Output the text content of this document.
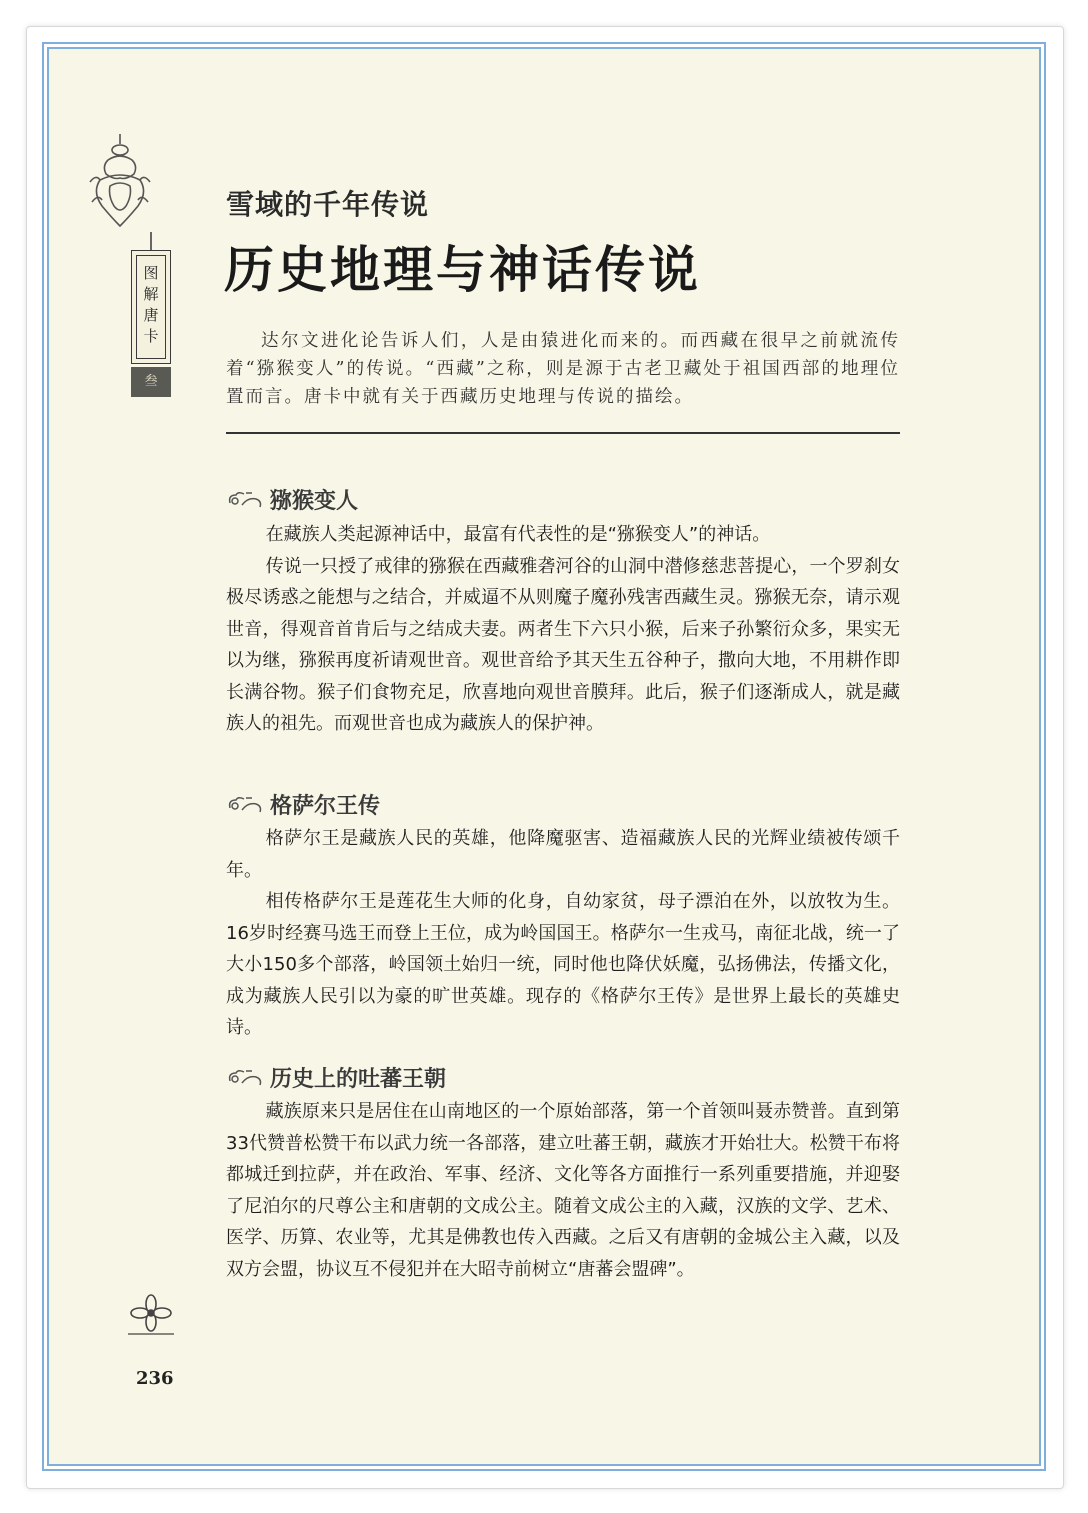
图解唐卡
叁
雪域的千年传说
历史地理与神话传说
达尔文进化论告诉人们，人是由猿进化而来的。而西藏在很早之前就流传着“猕猴变人”的传说。“西藏”之称，则是源于古老卫藏处于祖国西部的地理位置而言。唐卡中就有关于西藏历史地理与传说的描绘。
猕猴变人

在藏族人类起源神话中，最富有代表性的是“猕猴变人”的神话。

传说一只授了戒律的猕猴在西藏雅砻河谷的山洞中潜修慈悲菩提心，一个罗刹女极尽诱惑之能想与之结合，并威逼不从则魔子魔孙残害西藏生灵。猕猴无奈，请示观世音，得观音首肯后与之结成夫妻。两者生下六只小猴，后来子孙繁衍众多，果实无以为继，猕猴再度祈请观世音。观世音给予其天生五谷种子，撒向大地，不用耕作即长满谷物。猴子们食物充足，欣喜地向观世音膜拜。此后，猴子们逐渐成人，就是藏族人的祖先。而观世音也成为藏族人的保护神。

格萨尔王传

格萨尔王是藏族人民的英雄，他降魔驱害、造福藏族人民的光辉业绩被传颂千年。

相传格萨尔王是莲花生大师的化身，自幼家贫，母子漂泊在外，以放牧为生。16岁时经赛马选王而登上王位，成为岭国国王。格萨尔一生戎马，南征北战，统一了大小150多个部落，岭国领土始归一统，同时他也降伏妖魔，弘扬佛法，传播文化，成为藏族人民引以为豪的旷世英雄。现存的《格萨尔王传》是世界上最长的英雄史诗。

历史上的吐蕃王朝

藏族原来只是居住在山南地区的一个原始部落，第一个首领叫聂赤赞普。直到第33代赞普松赞干布以武力统一各部落，建立吐蕃王朝，藏族才开始壮大。松赞干布将都城迁到拉萨，并在政治、军事、经济、文化等各方面推行一系列重要措施，并迎娶了尼泊尔的尺尊公主和唐朝的文成公主。随着文成公主的入藏，汉族的文学、艺术、医学、历算、农业等，尤其是佛教也传入西藏。之后又有唐朝的金城公主入藏，以及双方会盟，协议互不侵犯并在大昭寺前树立“唐蕃会盟碑”。

236
